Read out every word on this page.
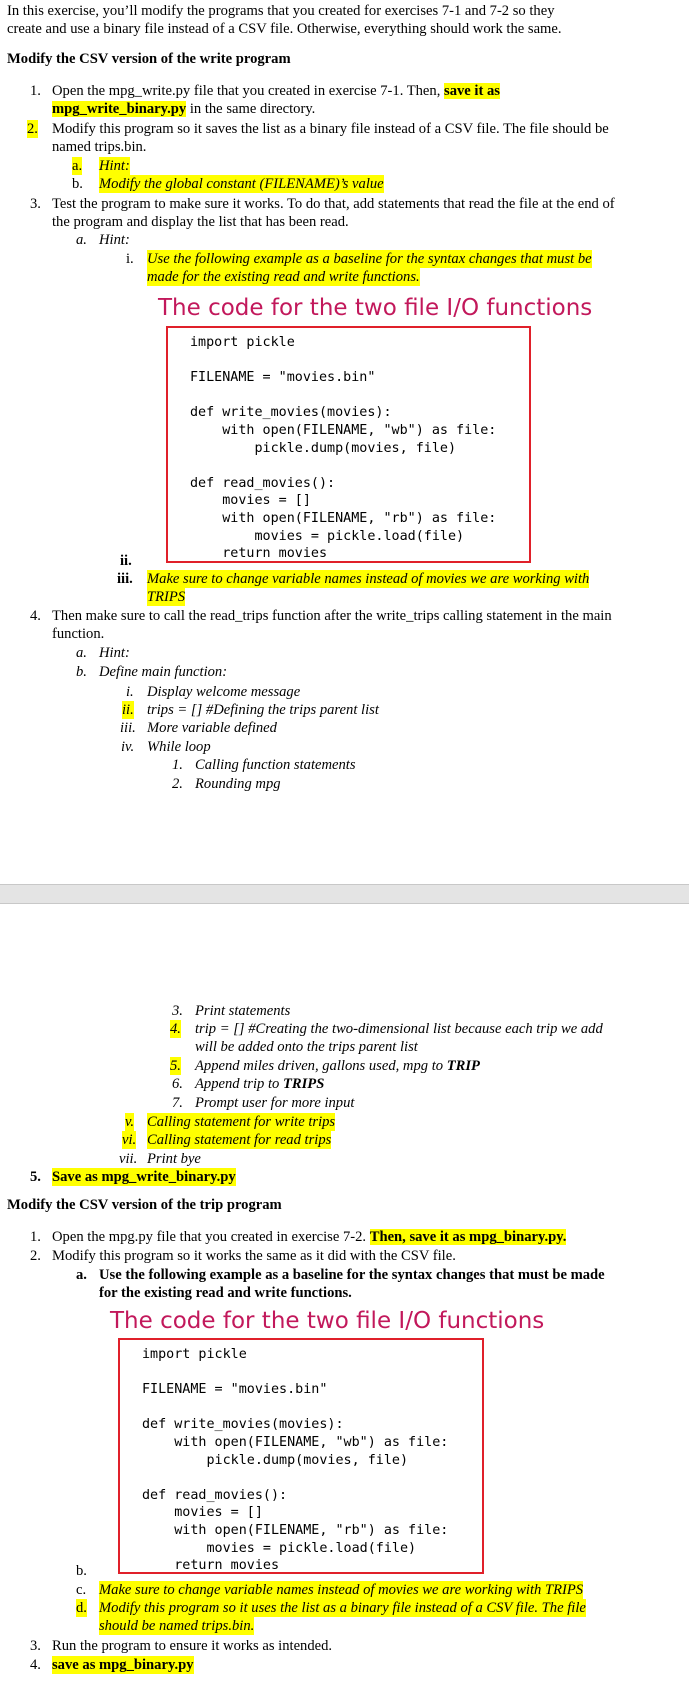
In this exercise, you’ll modify the programs that you created for exercises 7-1 and 7-2 so they
create and use a binary file instead of a CSV file. Otherwise, everything should work the same.
Modify the CSV version of the write program
1. Open the mpg_write.py file that you created in exercise 7-1. Then, save it as
mpg_write_binary.py in the same directory.
2. Modify this program so it saves the list as a binary file instead of a CSV file. The file should be
named trips.bin.
a. Hint:
b. Modify the global constant (FILENAME)’s value
3. Test the program to make sure it works. To do that, add statements that read the file at the end of
the program and display the list that has been read.
a. Hint:
i. Use the following example as a baseline for the syntax changes that must be
made for the existing read and write functions.
The code for the two file I/O functions
import pickle

FILENAME = "movies.bin"

def write_movies(movies):
with open(FILENAME, "wb") as file:
pickle.dump(movies, file)

def read_movies():
movies = []
with open(FILENAME, "rb") as file:
movies = pickle.load(file)
return movies
ii.
iii. Make sure to change variable names instead of movies we are working with
TRIPS
4. Then make sure to call the read_trips function after the write_trips calling statement in the main
function.
a. Hint:
b. Define main function:
i. Display welcome message
ii. trips = [] #Defining the trips parent list
iii. More variable defined
iv. While loop
1. Calling function statements
2. Rounding mpg
3. Print statements
4. trip = [] #Creating the two-dimensional list because each trip we add
will be added onto the trips parent list
5. Append miles driven, gallons used, mpg to TRIP
6. Append trip to TRIPS
7. Prompt user for more input
v. Calling statement for write trips
vi. Calling statement for read trips
vii. Print bye
5. Save as mpg_write_binary.py
Modify the CSV version of the trip program
1. Open the mpg.py file that you created in exercise 7-2. Then, save it as mpg_binary.py.
2. Modify this program so it works the same as it did with the CSV file.
a. Use the following example as a baseline for the syntax changes that must be made
for the existing read and write functions.
The code for the two file I/O functions
import pickle

FILENAME = "movies.bin"

def write_movies(movies):
with open(FILENAME, "wb") as file:
pickle.dump(movies, file)

def read_movies():
movies = []
with open(FILENAME, "rb") as file:
movies = pickle.load(file)
return movies
b.
c. Make sure to change variable names instead of movies we are working with TRIPS
d. Modify this program so it uses the list as a binary file instead of a CSV file. The file
should be named trips.bin.
3. Run the program to ensure it works as intended.
4. save as mpg_binary.py
